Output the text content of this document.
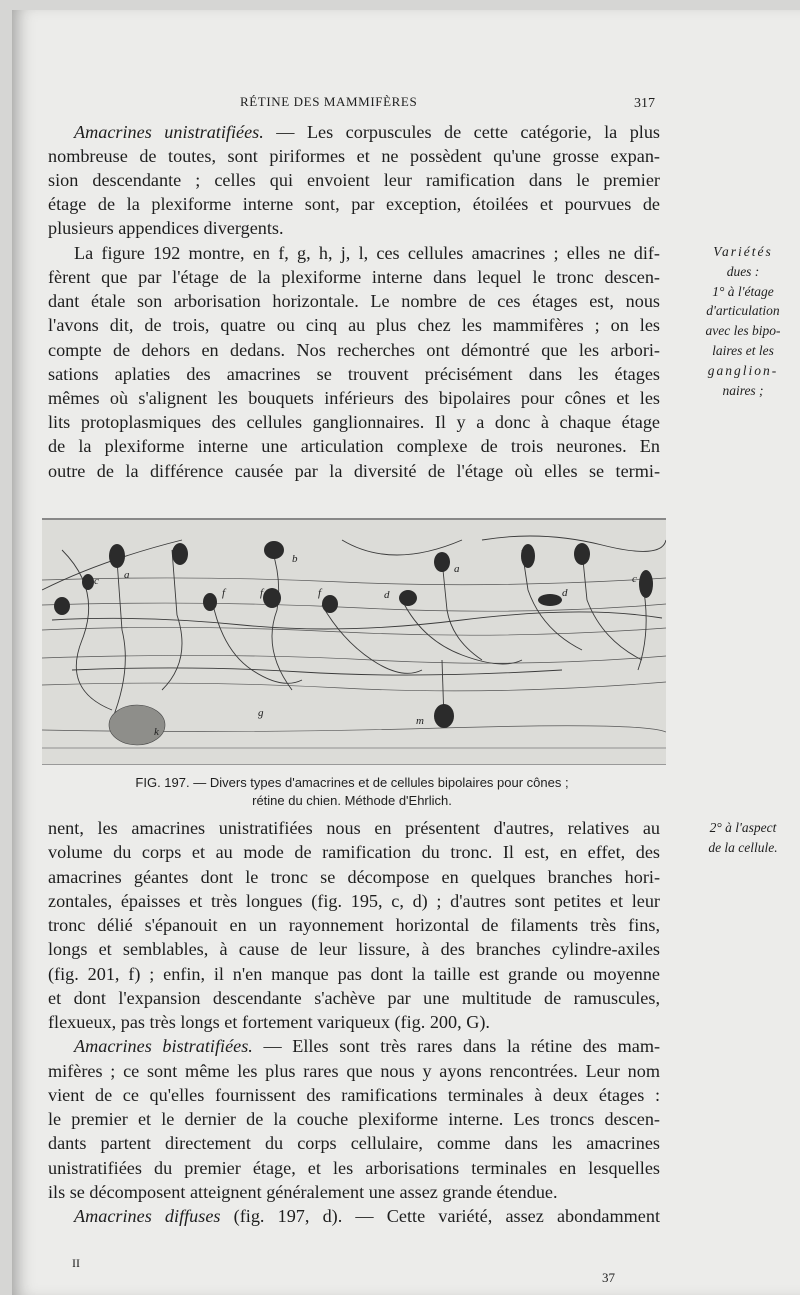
RÉTINE DES MAMMIFÈRES	317
Amacrines unistratifiées. — Les corpuscules de cette catégorie, la plus
nombreuse de toutes, sont piriformes et ne possèdent qu'une grosse expan-
sion descendante ; celles qui envoient leur ramification dans le premier
étage de la plexiforme interne sont, par exception, étoilées et pourvues de
plusieurs appendices divergents.
La figure 192 montre, en f, g, h, j, l, ces cellules amacrines ; elles ne dif-
fèrent que par l'étage de la plexiforme interne dans lequel le tronc descen-
dant étale son arborisation horizontale. Le nombre de ces étages est, nous
l'avons dit, de trois, quatre ou cinq au plus chez les mammifères ; on les
compte de dehors en dedans. Nos recherches ont démontré que les arbori-
sations aplaties des amacrines se trouvent précisément dans les étages
mêmes où s'alignent les bouquets inférieurs des bipolaires pour cônes et les
lits protoplasmiques des cellules ganglionnaires. Il y a donc à chaque étage
de la plexiforme interne une articulation complexe de trois neurones. En
outre de la différence causée par la diversité de l'étage où elles se termi-
Variétés
dues :
1° à l'étage
d'articulation
avec les bipo-
laires et les
ganglion-
naires ;
a
b
c
f	f	f	d
a
d
c
k
g
m
FIG. 197. — Divers types d'amacrines et de cellules bipolaires pour cônes ;
rétine du chien. Méthode d'Ehrlich.
nent, les amacrines unistratifiées nous en présentent d'autres, relatives au
volume du corps et au mode de ramification du tronc. Il est, en effet, des
amacrines géantes dont le tronc se décompose en quelques branches hori-
zontales, épaisses et très longues (fig. 195, c, d) ; d'autres sont petites et leur
tronc délié s'épanouit en un rayonnement horizontal de filaments très fins,
longs et semblables, à cause de leur lissure, à des branches cylindre-axiles
(fig. 201, f) ; enfin, il n'en manque pas dont la taille est grande ou moyenne
et dont l'expansion descendante s'achève par une multitude de ramuscules,
flexueux, pas très longs et fortement variqueux (fig. 200, G).
2° à l'aspect
de la cellule.
Amacrines bistratifiées. — Elles sont très rares dans la rétine des mam-
mifères ; ce sont même les plus rares que nous y ayons rencontrées. Leur nom
vient de ce qu'elles fournissent des ramifications terminales à deux étages :
le premier et le dernier de la couche plexiforme interne. Les troncs descen-
dants partent directement du corps cellulaire, comme dans les amacrines
unistratifiées du premier étage, et les arborisations terminales en lesquelles
ils se décomposent atteignent généralement une assez grande étendue.
Amacrines diffuses (fig. 197, d). — Cette variété, assez abondamment
II
37
